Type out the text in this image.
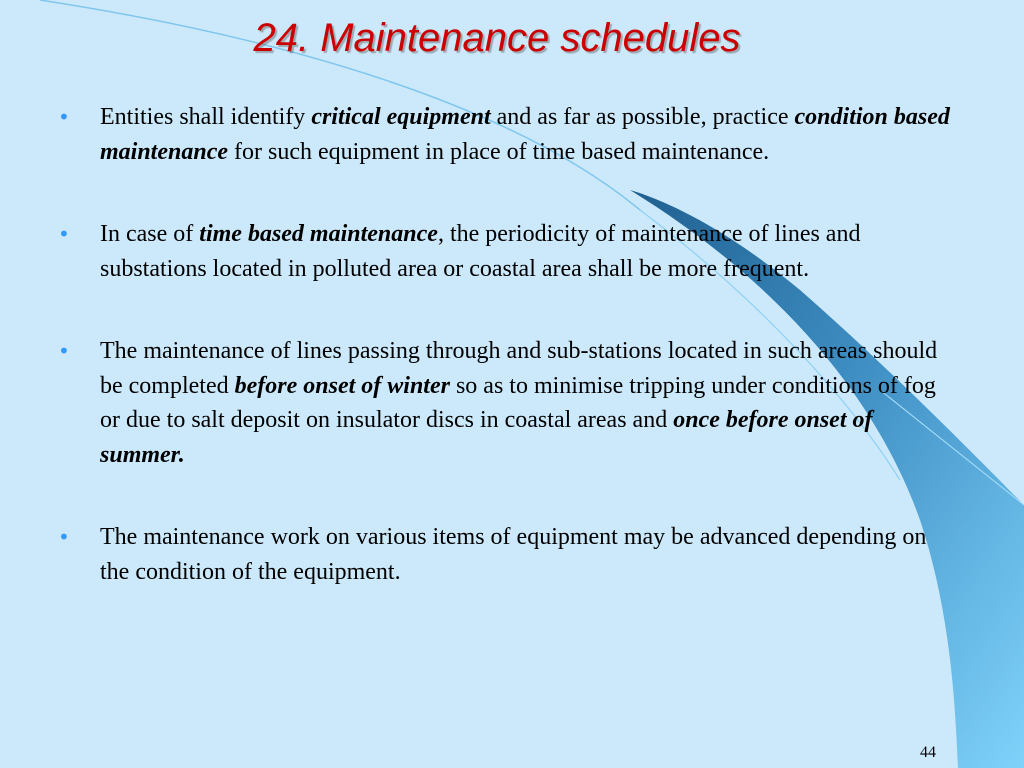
24. Maintenance schedules
• Entities shall identify critical equipment and as far as possible, practice condition based maintenance for such equipment in place of time based maintenance.
• In case of time based maintenance, the periodicity of maintenance of lines and substations located in polluted area or coastal area shall be more frequent.
• The maintenance of lines passing through and sub-stations located in such areas should be completed before onset of winter so as to minimise tripping under conditions of fog or due to salt deposit on insulator discs in coastal areas and once before onset of summer.
• The maintenance work on various items of equipment may be advanced depending on the condition of the equipment.
44
